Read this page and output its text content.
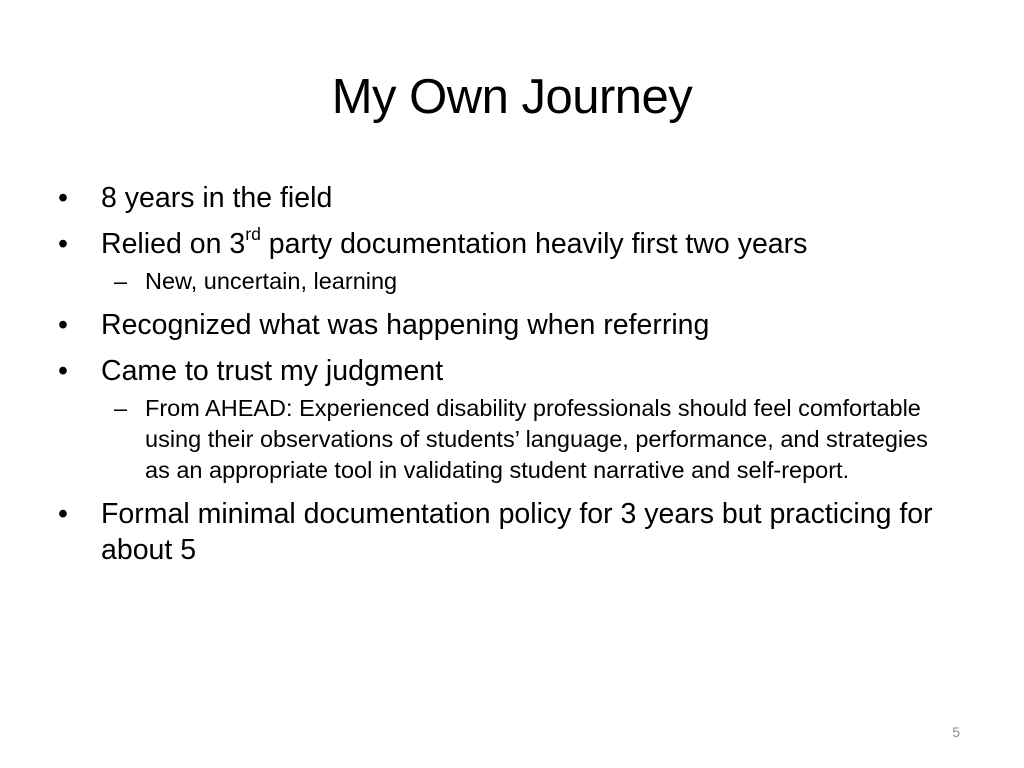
My Own Journey
•	8 years in the field
•	Relied on 3rd party documentation heavily first two years
– New, uncertain, learning
•	Recognized what was happening when referring
•	Came to trust my judgment
– From AHEAD: Experienced disability professionals should feel comfortable using their observations of students’ language, performance, and strategies as an appropriate tool in validating student narrative and self-report.
•	Formal minimal documentation policy for 3 years but practicing for about 5
5
